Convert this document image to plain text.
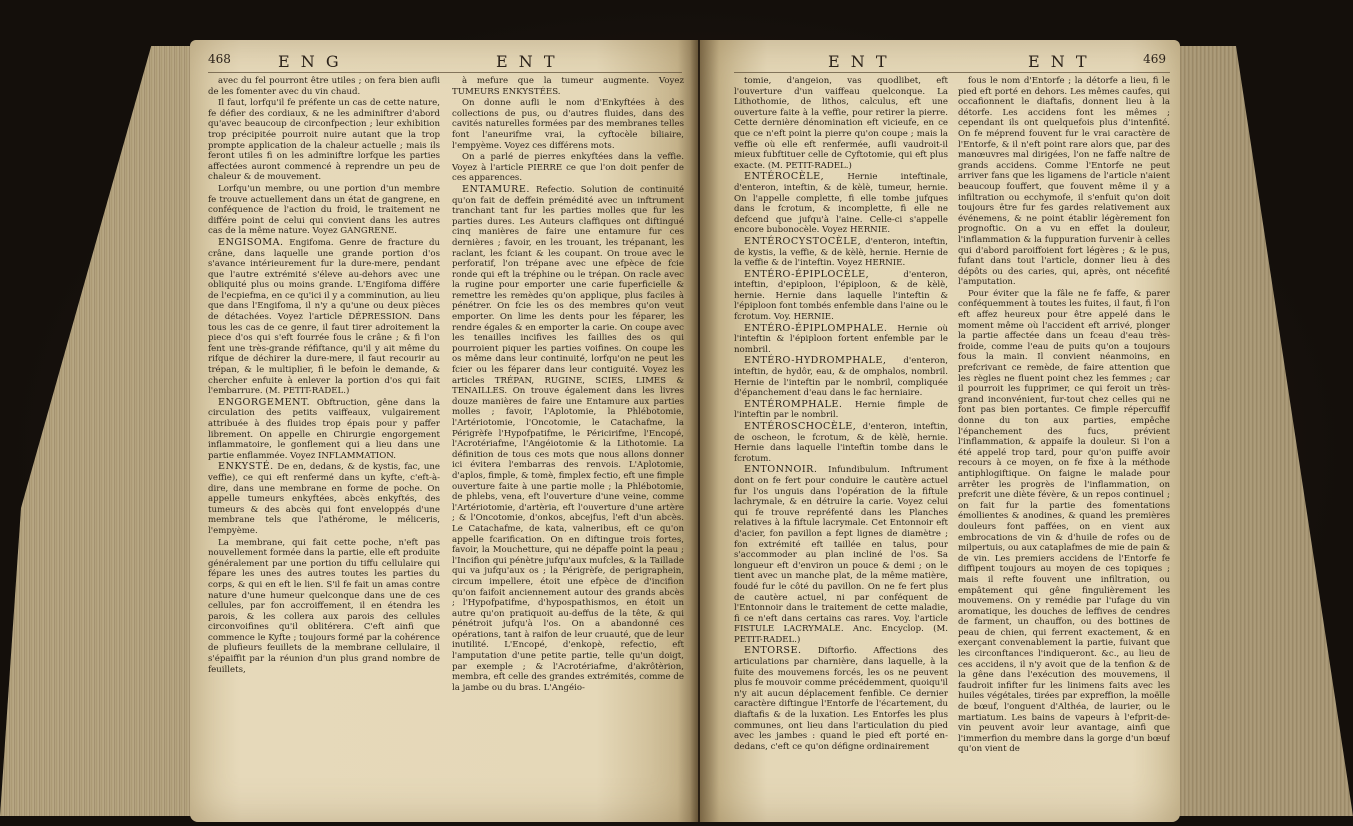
468	E N G	E N T

avec du fel pourront être utiles ; on fera bien aufli de les fomenter avec du vin chaud.

Il faut, lorfqu'il fe préfente un cas de cette nature, fe défier des cordiaux, & ne les adminiftrer d'abord qu'avec beaucoup de circonfpection ; leur exhibition trop précipitée pourroit nuire autant que la trop prompte application de la chaleur actuelle ; mais ils feront utiles fi on les adminiftre lorfque les parties affectées auront commencé à reprendre un peu de chaleur & de mouvement.

Lorfqu'un membre, ou une portion d'un membre fe trouve actuellement dans un état de gangrene, en conféquence de l'action du froid, le traitement ne différe point de celui qui convient dans les autres cas de la même nature. Voyez GANGRENE.

ENGISOMA. Engifoma. Genre de fracture du crâne, dans laquelle une grande portion d'os s'avance intérieurement fur la dure-mere, pendant que l'autre extrémité s'éleve au-dehors avec une obliquité plus ou moins grande. L'Engifoma différe de l'ecpiefma, en ce qu'ici il y a comminution, au lieu que dans l'Engifoma, il n'y a qu'une ou deux pièces de détachées. Voyez l'article DÉPRESSION. Dans tous les cas de ce genre, il faut tirer adroitement la piece d'os qui s'eft fourrée fous le crâne ; & fi l'on fent une très-grande réfiftance, qu'il y ait même du rifque de déchirer la dure-mere, il faut recourir au trépan, & le multiplier, fi le befoin le demande, & chercher enfuite à enlever la portion d'os qui fait l'embarrure. (M. PETIT-RADEL.)

ENGORGEMENT. Obftruction, gêne dans la circulation des petits vaiffeaux, vulgairement attribuée à des fluides trop épais pour y paffer librement. On appelle en Chirurgie engorgement inflammatoire, le gonflement qui a lieu dans une partie enflammée. Voyez INFLAMMATION.

ENKYSTÉ. De en, dedans, & de kystis, fac, une veffie), ce qui eft renfermé dans un kyfte, c'eft-à-dire, dans une membrane en forme de poche. On appelle tumeurs enkyftées, abcès enkyftés, des tumeurs & des abcès qui font enveloppés d'une membrane tels que l'athérome, le méliceris, l'empyème.

La membrane, qui fait cette poche, n'eft pas nouvellement formée dans la partie, elle eft produite généralement par une portion du tiffu cellulaire qui fépare les unes des autres toutes les parties du corps, & qui en eft le lien. S'il fe fait un amas contre nature d'une humeur quelconque dans une de ces cellules, par fon accroiffement, il en étendra les parois, & les collera aux parois des cellules circonvoifines qu'il oblitérera. C'eft ainfi que commence le Kyfte ; toujours formé par la cohérence de plufieurs feuillets de la membrane cellulaire, il s'épaiffit par la réunion d'un plus grand nombre de feuillets,

à mefure que la tumeur augmente. Voyez TUMEURS ENKYSTÉES.

On donne aufli le nom d'Enkyftées à des collections de pus, ou d'autres fluides, dans des cavités naturelles formées par des membranes telles font l'aneurifme vrai, la cyftocèle biliaire, l'empyème. Voyez ces différens mots.

On a parlé de pierres enkyftées dans la veffie. Voyez à l'article PIERRE ce que l'on doit penfer de ces apparences.

ENTAMURE. Refectio. Solution de continuité qu'on fait de deffein prémédité avec un inftrument tranchant tant fur les parties molles que fur les parties dures. Les Auteurs claffiques ont diftingué cinq manières de faire une entamure fur ces dernières ; favoir, en les trouant, les trépanant, les raclant, les fciant & les coupant. On troue avec le perforatif, l'on trépane avec une efpèce de fcie ronde qui eft la tréphine ou le trépan. On racle avec la rugine pour emporter une carie fuperficielle & remettre les remèdes qu'on applique, plus faciles à pénétrer. On fcie les os des membres qu'on veut emporter. On lime les dents pour les féparer, les rendre égales & en emporter la carie. On coupe avec les tenailles incifives les faillies des os qui pourroient piquer les parties voifines. On coupe les os même dans leur continuité, lorfqu'on ne peut les fcier ou les féparer dans leur contiguité. Voyez les articles TRÉPAN, RUGINE, SCIES, LIMES & TENAILLES. On trouve également dans les livres douze manières de faire une Entamure aux parties molles ; favoir, l'Aplotomie, la Phlébotomie, l'Artériotomie, l'Oncotomie, le Catachafme, la Périgrèfe l'Hypofpatifme, le Péricirifme, l'Encopé, l'Acrotériafme, l'Angéiotomie & la Lithotomie. La définition de tous ces mots que nous allons donner ici évitera l'embarras des renvois. L'Aplotomie, d'aplos, fimple, & tomè, fimplex fectio, eft une fimple ouverture faite à une partie molle ; la Phlébotomie, de phlebs, vena, eft l'ouverture d'une veine, comme l'Artériotomie, d'artèria, eft l'ouverture d'une artère ; & l'Oncotomie, d'onkos, abcejfus, l'eft d'un abcès. Le Catachafme, de kata, valneribus, eft ce qu'on appelle fcarification. On en diftingue trois fortes, favoir, la Mouchetture, qui ne dépaffe point la peau ; l'Incifion qui pénètre jufqu'aux mufcles, & la Taillade qui va jufqu'aux os ; la Périgrèfe, de perigraphein, circum impellere, étoit une efpèce de d'incifion qu'on faifoit anciennement autour des grands abcès ; l'Hypofpatifme, d'hypospathismos, en étoit un autre qu'on pratiquoit au-deffus de la tête, & qui pénétroit jufqu'à l'os. On a abandonné ces opérations, tant à raifon de leur cruauté, que de leur inutilité. L'Encopé, d'enkopè, refectio, eft l'amputation d'une petite partie, telle qu'un doigt, par exemple ; & l'Acrotériafme, d'akrôtèrion, membra, eft celle des grandes extrémités, comme de la jambe ou du bras. L'Angéio-

E N T	E N T	469

tomie, d'angeion, vas quodlibet, eft l'ouverture d'un vaiffeau quelconque. La Lithothomie, de lithos, calculus, eft une ouverture faite à la veffie, pour retirer la pierre. Cette dernière dénomination eft vicieufe, en ce que ce n'eft point la pierre qu'on coupe ; mais la veffie où elle eft renfermée, aufli vaudroit-il mieux fubftituer celle de Cyftotomie, qui eft plus exacte. (M. PETIT-RADEL.)

ENTÉROCÈLE,	Hernie inteftinale, d'enteron, inteftin, & de kèlè, tumeur, hernie. On l'appelle complette, fi elle tombe jufques dans le fcrotum, & incomplette, fi elle ne defcend que jufqu'à l'aine. Celle-ci s'appelle encore bubonocèle. Voyez HERNIE.

ENTÉROCYSTOCÈLE, d'enteron, inteftin, de kystis, la veffie, & de kèlè, hernie. Hernie de la veffie & de l'inteftin. Voyez HERNIE.

ENTÉRO-ÉPIPLOCÈLE,	d'enteron, inteftin, d'epiploon, l'épiploon, & de kèlè, hernie. Hernie dans laquelle l'inteftin & l'épiploon font tombés enfemble dans l'aine ou le fcrotum. Voy. HERNIE.

ENTÉRO-ÉPIPLOMPHALE. Hernie où l'inteftin & l'épiploon fortent enfemble par le nombril.

ENTÉRO-HYDROMPHALE, d'enteron, inteftin, de hydôr, eau, & de omphalos, nombril. Hernie de l'inteftin par le nombril, compliquée d'épanchement d'eau dans le fac herniaire.

ENTÉROMPHALE. Hernie fimple de l'inteftin par le nombril.

ENTÉROSCHOCÈLE, d'enteron, inteftin, de oscheon, le fcrotum, & de kèlè, hernie. Hernie dans laquelle l'inteftin tombe dans le fcrotum.

ENTONNOIR. Infundibulum. Inftrument dont on fe fert pour conduire le cautère actuel fur l'os unguis dans l'opération de la fiftule lachrymale, & en détruire la carie. Voyez celui qui fe trouve repréfenté dans les Planches relatives à la fiftule lacrymale. Cet Entonnoir eft d'acier, fon pavillon a fept lignes de diamètre ; fon extrémité eft taillée en talus, pour s'accommoder au plan incliné de l'os. Sa longueur eft d'environ un pouce & demi ; on le tient avec un manche plat, de la même matière, foudé fur le côté du pavillon. On ne fe fert plus de cautère actuel, ni par conféquent de l'Entonnoir dans le traitement de cette maladie, fi ce n'eft dans certains cas rares. Voy. l'article FISTULE LACRYMALE. Anc. Encyclop. (M. PETIT-RADEL.)

ENTORSE. Diftorfio. Affections des articulations par charnière, dans laquelle, à la fuite des mouvemens forcés, les os ne peuvent plus fe mouvoir comme précédemment, quoiqu'il n'y ait aucun déplacement fenfible. Ce dernier caractère diftingue l'Entorfe de l'écartement, du diaftafis & de la luxation. Les Entorfes les plus communes, ont lieu dans l'articulation du pied avec les jambes : quand le pied eft porté en-dedans, c'eft ce qu'on défigne ordinairement

fous le nom d'Entorfe ; la détorfe a lieu, fi le pied eft porté en dehors. Les mêmes caufes, qui occafionnent le diaftafis, donnent lieu à la détorfe. Les accidens font les mêmes ; cependant ils ont quelquefois plus d'intenfité. On fe méprend fouvent fur le vrai caractère de l'Entorfe, & il n'eft point rare alors que, par des manœuvres mal dirigées, l'on ne faffe naître de grands accidens. Comme l'Entorfe ne peut arriver fans que les ligamens de l'article n'aient beaucoup fouffert, que fouvent même il y a infiltration ou ecchymofe, il s'enfuit qu'on doit toujours être fur fes gardes relativement aux événemens, & ne point établir légèrement fon prognoftic. On a vu en effet la douleur, l'inflammation & la fuppuration furvenir à celles qui d'abord paroiffoient fort légères ; & le pus, fufant dans tout l'article, donner lieu à des dépôts ou des caries, qui, après, ont nécefité l'amputation.

Pour éviter que la fâle ne fe faffe, & parer conféquemment à toutes les fuites, il faut, fi l'on eft affez heureux pour être appelé dans le moment même où l'accident eft arrivé, plonger la partie affectée dans un fceau d'eau très-froide, comme l'eau de puits qu'on a toujours fous la main. Il convient néanmoins, en prefcrivant ce remède, de faire attention que les règles ne fluent point chez les femmes ; car il pourroit les fupprimer, ce qui feroit un très-grand inconvénient, fur-tout chez celles qui ne font pas bien portantes. Ce fimple répercuffif donne du ton aux parties, empêche l'épanchement des fucs, prévient l'inflammation, & appaife la douleur. Si l'on a été appelé trop tard, pour qu'on puiffe avoir recours à ce moyen, on fe fixe à la méthode antiphlogiftique. On faigne le malade pour arrêter les progrès de l'inflammation, on prefcrit une diète févère, & un repos continuel ; on fait fur la partie des fomentations émollientes & anodines, & quand les premières douleurs font paffées, on en vient aux embrocations de vin & d'huile de rofes ou de milpertuis, ou aux cataplafmes de mie de pain & de vin. Les premiers accidens de l'Entorfe fe diffipent toujours au moyen de ces topiques ; mais il refte fouvent une infiltration, ou empâtement qui gêne fingulièrement les mouvemens. On y remédie par l'ufage du vin aromatique, les douches de leffives de cendres de farment, un chauffon, ou des bottines de peau de chien, qui ferrent exactement, & en exerçant convenablement la partie, fuivant que les circonftances l'indiqueront. &c., au lieu de ces accidens, il n'y avoit que de la tenfion & de la gêne dans l'exécution des mouvemens, il faudroit infifter fur les linimens faits avec les huiles végétales, tirées par expreffion, la moëlle de bœuf, l'onguent d'Althéa, de laurier, ou le martiatum. Les bains de vapeurs à l'efprit-de-vin peuvent avoir leur avantage, ainfi que l'immerfion du membre dans la gorge d'un bœuf qu'on vient de
